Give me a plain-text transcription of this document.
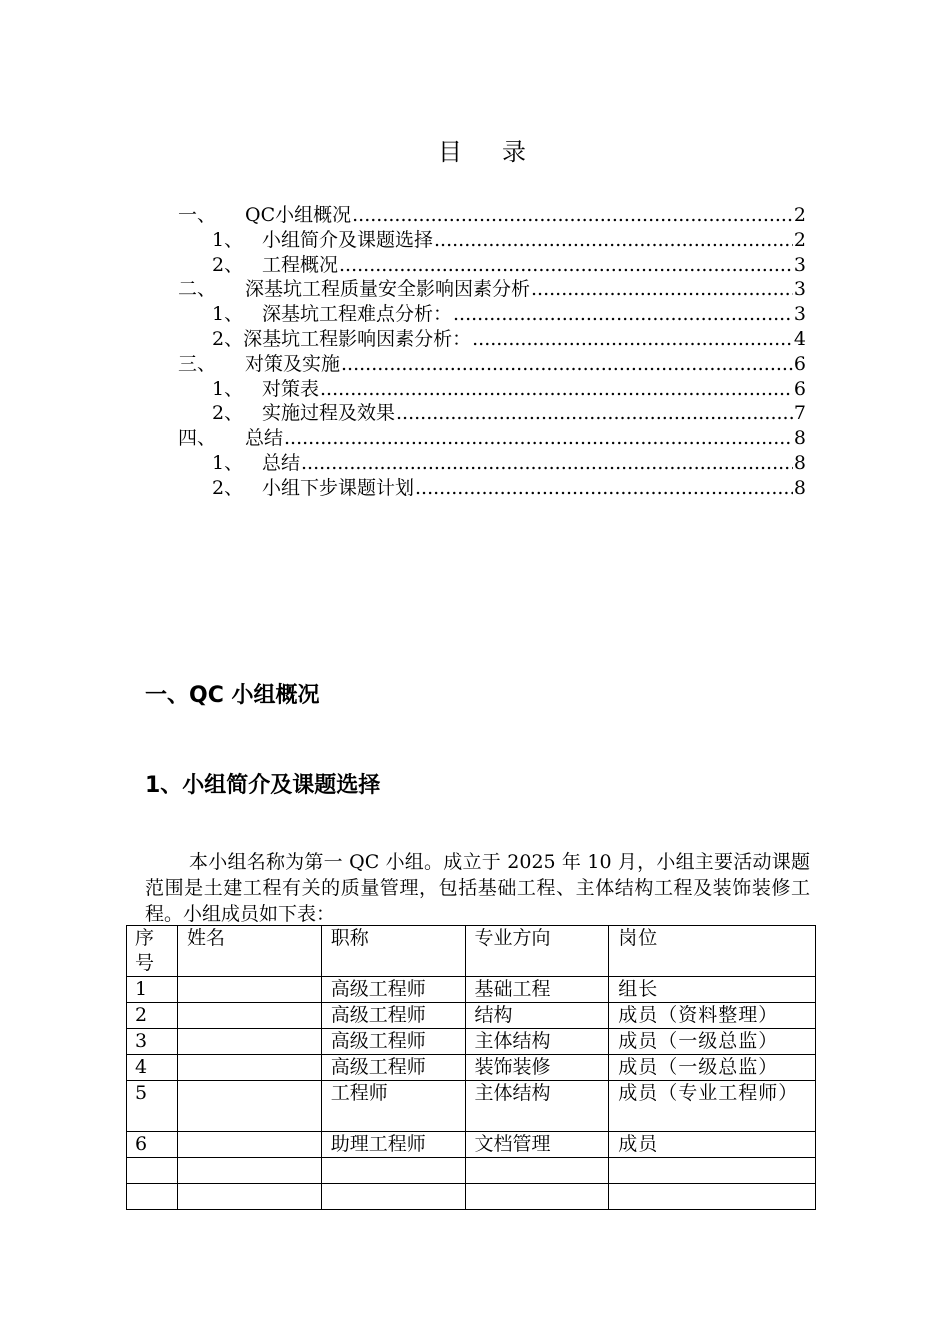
目录
一、	QC小组概况 .....	2
1、 小组简介及课题选择 .....	2
2、 工程概况 .....	3
二、	深基坑工程质量安全影响因素分析 .....	3
1、 深基坑工程难点分析： .....	3
2、 深基坑工程影响因素分析： .....	4
三、	对策及实施 .....	6
1、 对策表 .....	6
2、 实施过程及效果 .....	7
四、	总结 .....	8
1、 总结 .....	8
2、 小组下步课题计划 .....	8
一、QC 小组概况
1、小组简介及课题选择
本小组名称为第一 QC 小组。成立于 2025 年 10 月，小组主要活动课题范围是土建工程有关的质量管理，包括基础工程、主体结构工程及装饰装修工程。小组成员如下表：
序号	姓名	职称	专业方向	岗位
1		高级工程师	基础工程	组长
2		高级工程师	结构	成员（资料整理）
3		高级工程师	主体结构	成员（一级总监）
4		高级工程师	装饰装修	成员（一级总监）
5		工程师	主体结构	成员（专业工程师）
6		助理工程师	文档管理	成员
